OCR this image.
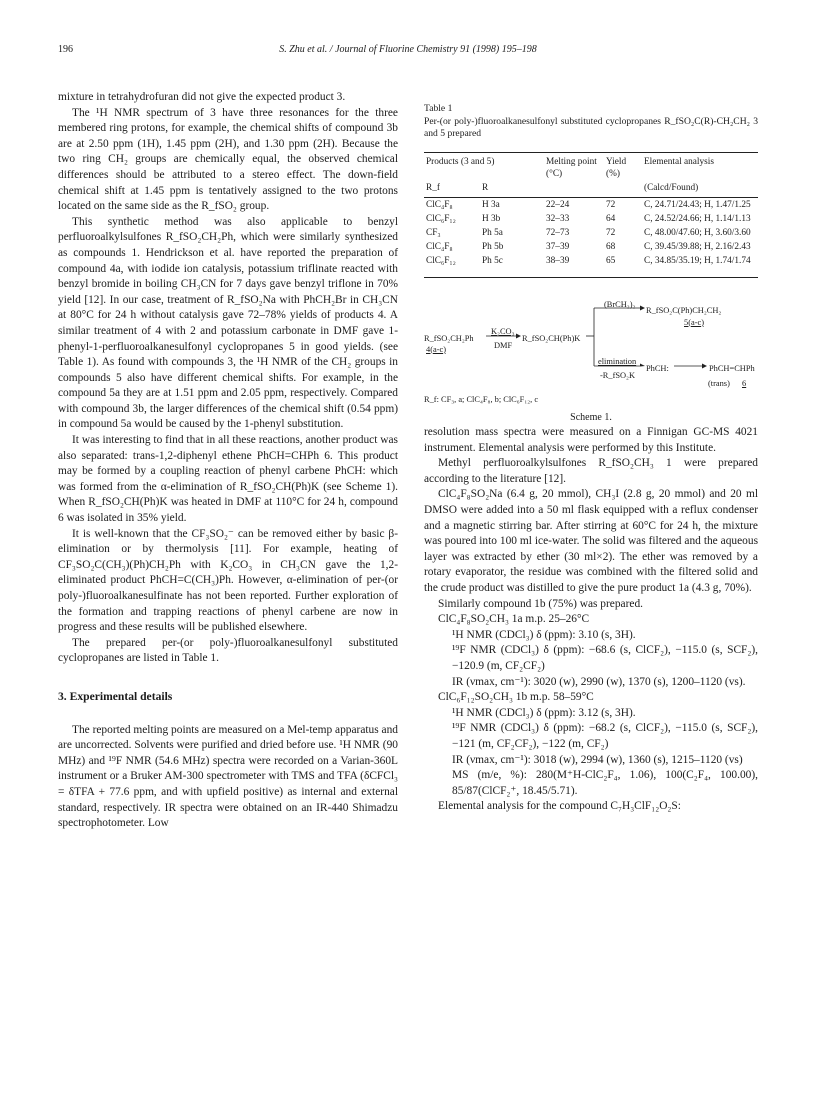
196	S. Zhu et al. / Journal of Fluorine Chemistry 91 (1998) 195–198

mixture in tetrahydrofuran did not give the expected product 3.

The ¹H NMR spectrum of 3 have three resonances for the three membered ring protons, for example, the chemical shifts of compound 3b are at 2.50 ppm (1H), 1.45 ppm (2H), and 1.30 ppm (2H). Because the two ring CH₂ groups are chemically equal, the observed chemical differences should be attributed to a stereo effect. The down-field chemical shift at 1.45 ppm is tentatively assigned to the two protons located on the same side as the R_fSO₂ group.

This synthetic method was also applicable to benzyl perfluoroalkylsulfones R_fSO₂CH₂Ph, which were similarly synthesized as compounds 1. Hendrickson et al. have reported the preparation of compound 4a, with iodide ion catalysis, potassium triflinate reacted with benzyl bromide in boiling CH₃CN for 7 days gave benzyl triflone in 70% yield [12]. In our case, treatment of R_fSO₂Na with PhCH₂Br in CH₃CN at 80°C for 24 h without catalysis gave 72–78% yields of products 4. A similar treatment of 4 with 2 and potassium carbonate in DMF gave 1-phenyl-1-perfluoroalkanesulfonyl cyclopropanes 5 in good yields. (see Table 1). As found with compounds 3, the ¹H NMR of the CH₂ groups in compounds 5 also have different chemical shifts. For example, in the compound 5a they are at 1.51 ppm and 2.05 ppm, respectively. Compared with compound 3b, the larger differences of the chemical shift (0.54 ppm) in compound 5a would be caused by the 1-phenyl substitution.

It was interesting to find that in all these reactions, another product was also separated: trans-1,2-diphenyl ethene PhCH=CHPh 6. This product may be formed by a coupling reaction of phenyl carbene PhCH: which was formed from the α-elimination of R_fSO₂CH(Ph)K (see Scheme 1). When R_fSO₂CH(Ph)K was heated in DMF at 110°C for 24 h, compound 6 was isolated in 35% yield.

It is well-known that the CF₃SO₂⁻ can be removed either by basic β-elimination or by thermolysis [11]. For example, heating of CF₃SO₂C(CH₃)(Ph)CH₂Ph with K₂CO₃ in CH₃CN gave the 1,2-eliminated product PhCH=C(CH₃)Ph. However, α-elimination of per-(or poly-)fluoroalkanesulfinate has not been reported. Further exploration of the formation and trapping reactions of phenyl carbene are now in progress and these results will be published elsewhere.

The prepared per-(or poly-)fluoroalkanesulfonyl substituted cyclopropanes are listed in Table 1.

3. Experimental details

The reported melting points are measured on a Mel-temp apparatus and are uncorrected. Solvents were purified and dried before use. ¹H NMR (90 MHz) and ¹⁹F NMR (54.6 MHz) spectra were recorded on a Varian-360L instrument or a Bruker AM-300 spectrometer with TMS and TFA (δCFCl₃ = δTFA + 77.6 ppm, and with upfield positive) as internal and external standard, respectively. IR spectra were obtained on an IR-440 Shimadzu spectrophotometer. Low

Table 1
Per-(or poly-)fluoroalkanesulfonyl substituted cyclopropanes R_fSO₂C(R)-CH₂CH₂ 3 and 5 prepared
Products (3 and 5)		Melting point (°C)	Yield (%)	Elemental analysis
R_f	R			(Calcd/Found)

ClC₄F₈	H 3a	22–24	72	C, 24.71/24.43; H, 1.47/1.25
ClC₆F₁₂	H 3b	32–33	64	C, 24.52/24.66; H, 1.14/1.13
CF₃	Ph 5a	72–73	72	C, 48.00/47.60; H, 3.60/3.60
ClC₄F₈	Ph 5b	37–39	68	C, 39.45/39.88; H, 2.16/2.43
ClC₆F₁₂	Ph 5c	38–39	65	C, 34.85/35.19; H, 1.74/1.74
R_fSO₂CH₂Ph
4(a-c)
K₂CO₃
DMF
R_fSO₂CH(Ph)K
(BrCH₂)₂
R_fSO₂C(Ph)CH₂CH₂
5(a-c)
elimination
-R_fSO₂K
PhCH:	PhCH=CHPh
(trans) 6
R_f: CF₃, a; ClC₄F₈, b; ClC₆F₁₂, c

Scheme 1.

resolution mass spectra were measured on a Finnigan GC-MS 4021 instrument. Elemental analysis were performed by this Institute.

Methyl perfluoroalkylsulfones R_fSO₂CH₃ 1 were prepared according to the literature [12].

ClC₄F₈SO₂Na (6.4 g, 20 mmol), CH₃I (2.8 g, 20 mmol) and 20 ml DMSO were added into a 50 ml flask equipped with a reflux condenser and a magnetic stirring bar. After stirring at 60°C for 24 h, the mixture was poured into 100 ml ice-water. The solid was filtered and the aqueous layer was extracted by ether (30 ml×2). The ether was removed by a rotary evaporator, the residue was combined with the filtered solid and the crude product was distilled to give the pure product 1a (4.3 g, 70%).

Similarly compound 1b (75%) was prepared.

ClC₄F₈SO₂CH₃ 1a m.p. 25–26°C

¹H NMR (CDCl₃) δ (ppm): 3.10 (s, 3H).

¹⁹F NMR (CDCl₃) δ (ppm): −68.6 (s, ClCF₂), −115.0 (s, SCF₂), −120.9 (m, CF₂CF₂)

IR (νmax, cm⁻¹): 3020 (w), 2990 (w), 1370 (s), 1200–1120 (vs).

ClC₆F₁₂SO₂CH₃ 1b m.p. 58–59°C

¹H NMR (CDCl₃) δ (ppm): 3.12 (s, 3H).

¹⁹F NMR (CDCl₃) δ (ppm): −68.2 (s, ClCF₂), −115.0 (s, SCF₂), −121 (m, CF₂CF₂), −122 (m, CF₂)

IR (νmax, cm⁻¹): 3018 (w), 2994 (w), 1360 (s), 1215–1120 (vs)

MS (m/e, %): 280(M⁺H-ClC₂F₄, 1.06), 100(C₂F₄, 100.00), 85/87(ClCF₂⁺, 18.45/5.71).

Elemental analysis for the compound C₇H₃ClF₁₂O₂S:
